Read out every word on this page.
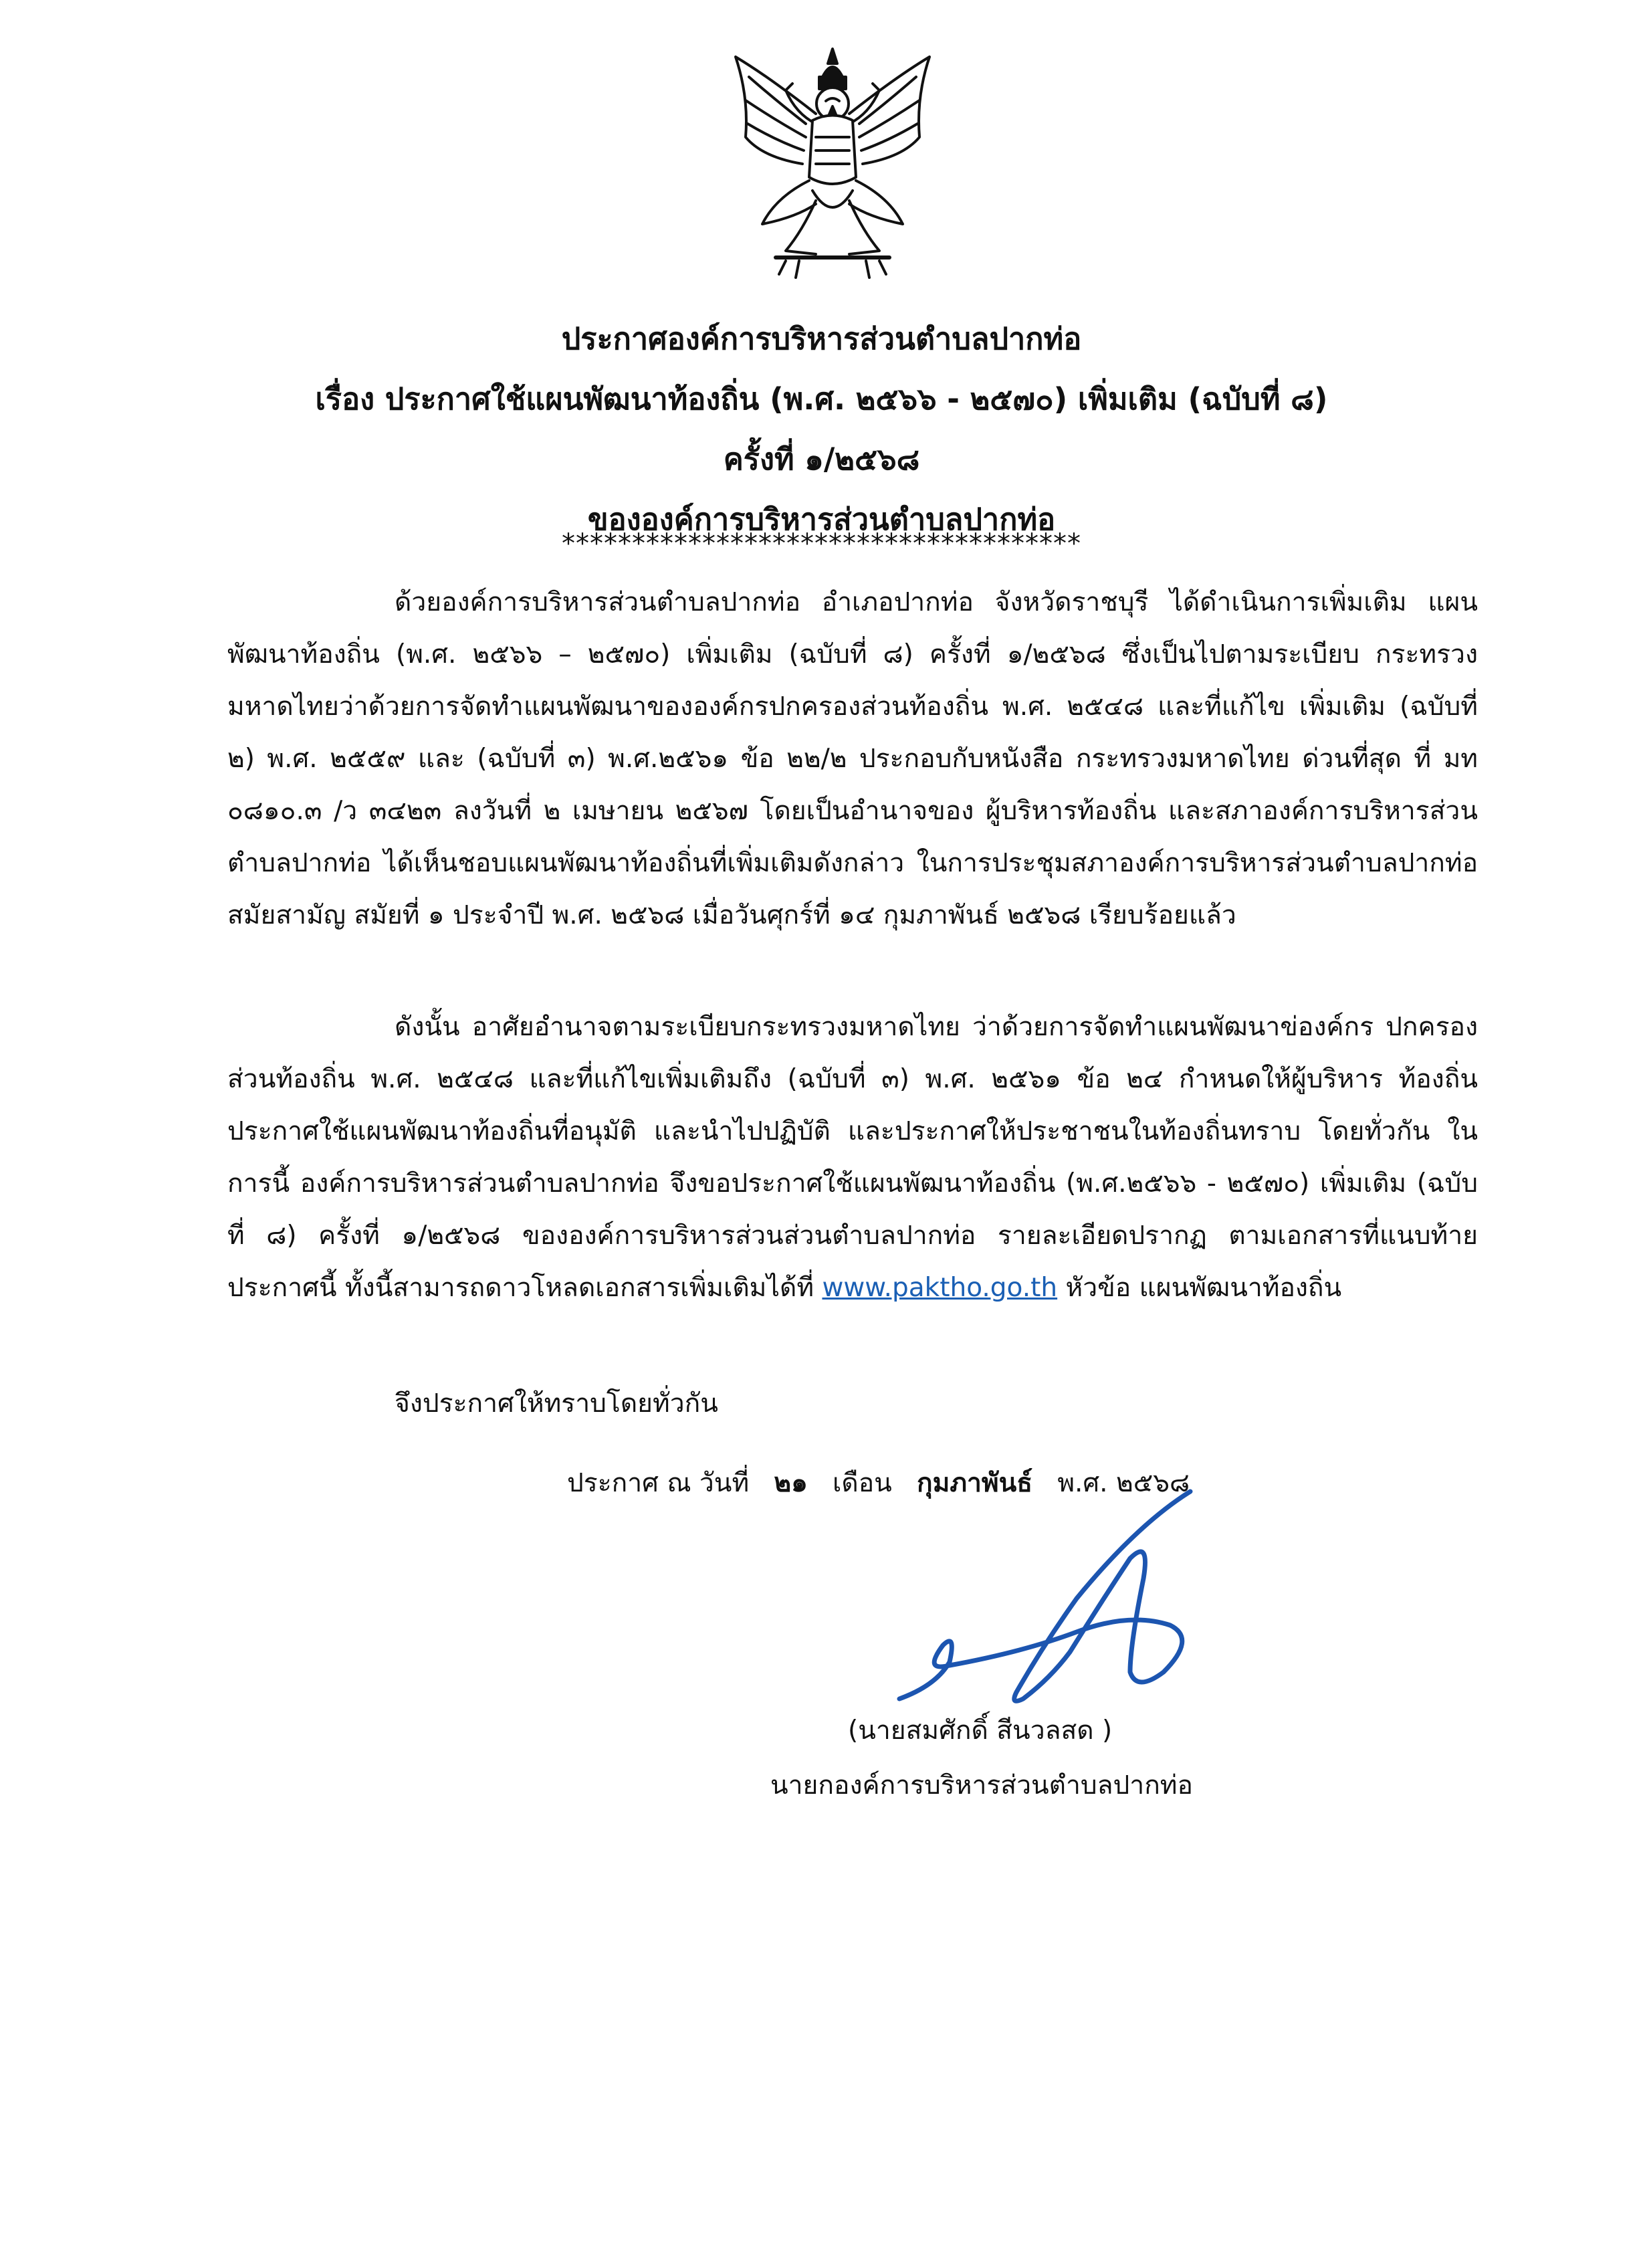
ประกาศองค์การบริหารส่วนตำบลปากท่อ
เรื่อง ประกาศใช้แผนพัฒนาท้องถิ่น (พ.ศ. ๒๕๖๖ - ๒๕๗๐) เพิ่มเติม (ฉบับที่ ๘)
ครั้งที่ ๑/๒๕๖๘
ขององค์การบริหารส่วนตำบลปากท่อ
*************************************

ด้วยองค์การบริหารส่วนตำบลปากท่อ อำเภอปากท่อ จังหวัดราชบุรี ได้ดำเนินการเพิ่มเติม แผนพัฒนาท้องถิ่น (พ.ศ. ๒๕๖๖ – ๒๕๗๐) เพิ่มเติม (ฉบับที่ ๘) ครั้งที่ ๑/๒๕๖๘ ซึ่งเป็นไปตามระเบียบ กระทรวงมหาดไทยว่าด้วยการจัดทำแผนพัฒนาขององค์กรปกครองส่วนท้องถิ่น พ.ศ. ๒๕๔๘ และที่แก้ไข เพิ่มเติม (ฉบับที่ ๒) พ.ศ. ๒๕๕๙ และ (ฉบับที่ ๓) พ.ศ.๒๕๖๑ ข้อ ๒๒/๒ ประกอบกับหนังสือ กระทรวงมหาดไทย ด่วนที่สุด ที่ มท ๐๘๑๐.๓ /ว ๓๔๒๓ ลงวันที่ ๒ เมษายน ๒๕๖๗ โดยเป็นอำนาจของ ผู้บริหารท้องถิ่น และสภาองค์การบริหารส่วนตำบลปากท่อ ได้เห็นชอบแผนพัฒนาท้องถิ่นที่เพิ่มเติมดังกล่าว ในการประชุมสภาองค์การบริหารส่วนตำบลปากท่อ สมัยสามัญ สมัยที่ ๑ ประจำปี พ.ศ. ๒๕๖๘ เมื่อวันศุกร์ที่ ๑๔ กุมภาพันธ์ ๒๕๖๘ เรียบร้อยแล้ว

ดังนั้น อาศัยอำนาจตามระเบียบกระทรวงมหาดไทย ว่าด้วยการจัดทำแผนพัฒนาข่องค์กร ปกครองส่วนท้องถิ่น พ.ศ. ๒๕๔๘ และที่แก้ไขเพิ่มเติมถึง (ฉบับที่ ๓) พ.ศ. ๒๕๖๑ ข้อ ๒๔ กำหนดให้ผู้บริหาร ท้องถิ่นประกาศใช้แผนพัฒนาท้องถิ่นที่อนุมัติ และนำไปปฏิบัติ และประกาศให้ประชาชนในท้องถิ่นทราบ โดยทั่วกัน ในการนี้ องค์การบริหารส่วนตำบลปากท่อ จึงขอประกาศใช้แผนพัฒนาท้องถิ่น (พ.ศ.๒๕๖๖ - ๒๕๗๐) เพิ่มเติม (ฉบับที่ ๘) ครั้งที่ ๑/๒๕๖๘ ขององค์การบริหารส่วนส่วนตำบลปากท่อ รายละเอียดปรากฏ ตามเอกสารที่แนบท้ายประกาศนี้ ทั้งนี้สามารถดาวโหลดเอกสารเพิ่มเติมได้ที่ www.paktho.go.th หัวข้อ แผนพัฒนาท้องถิ่น

จึงประกาศให้ทราบโดยทั่วกัน

ประกาศ ณ วันที่ ๒๑ เดือน กุมภาพันธ์ พ.ศ. ๒๕๖๘
(นายสมศักดิ์ สีนวลสด )
นายกองค์การบริหารส่วนตำบลปากท่อ
